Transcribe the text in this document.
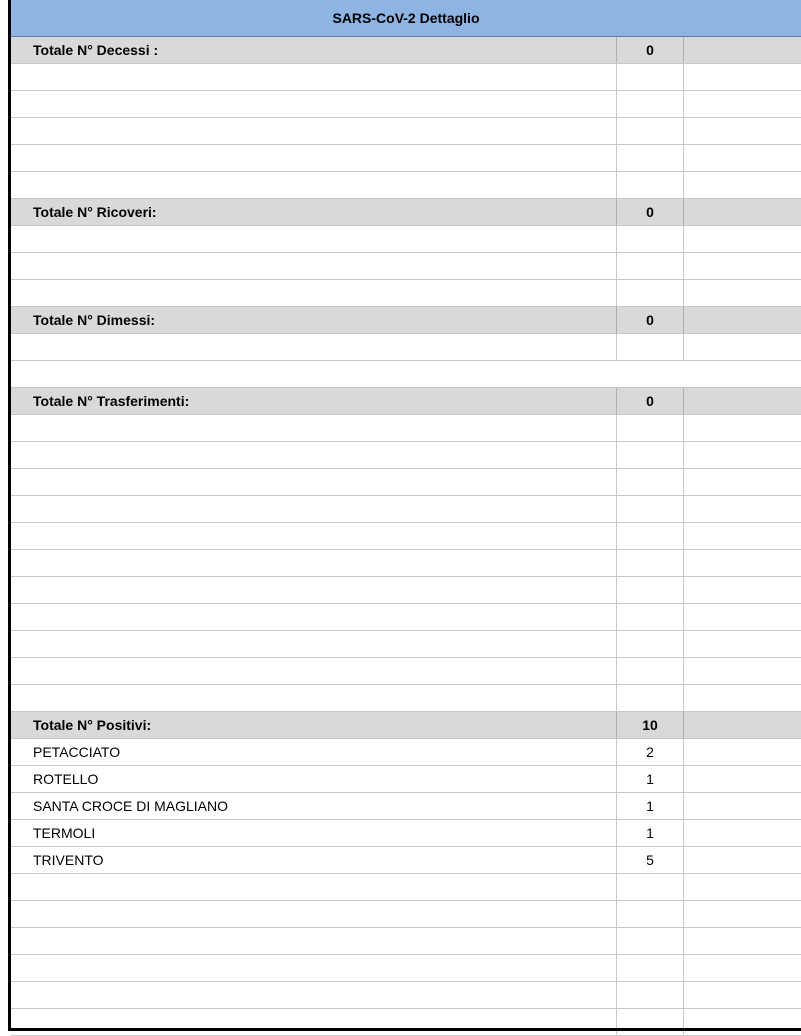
SARS-CoV-2 Dettaglio
Totale N° Decessi :	0
Totale N° Ricoveri:	0
Totale N° Dimessi:	0
Totale N° Trasferimenti:	0
Totale N° Positivi:	10
PETACCIATO	2
ROTELLO	1
SANTA CROCE DI MAGLIANO	1
TERMOLI	1
TRIVENTO	5
